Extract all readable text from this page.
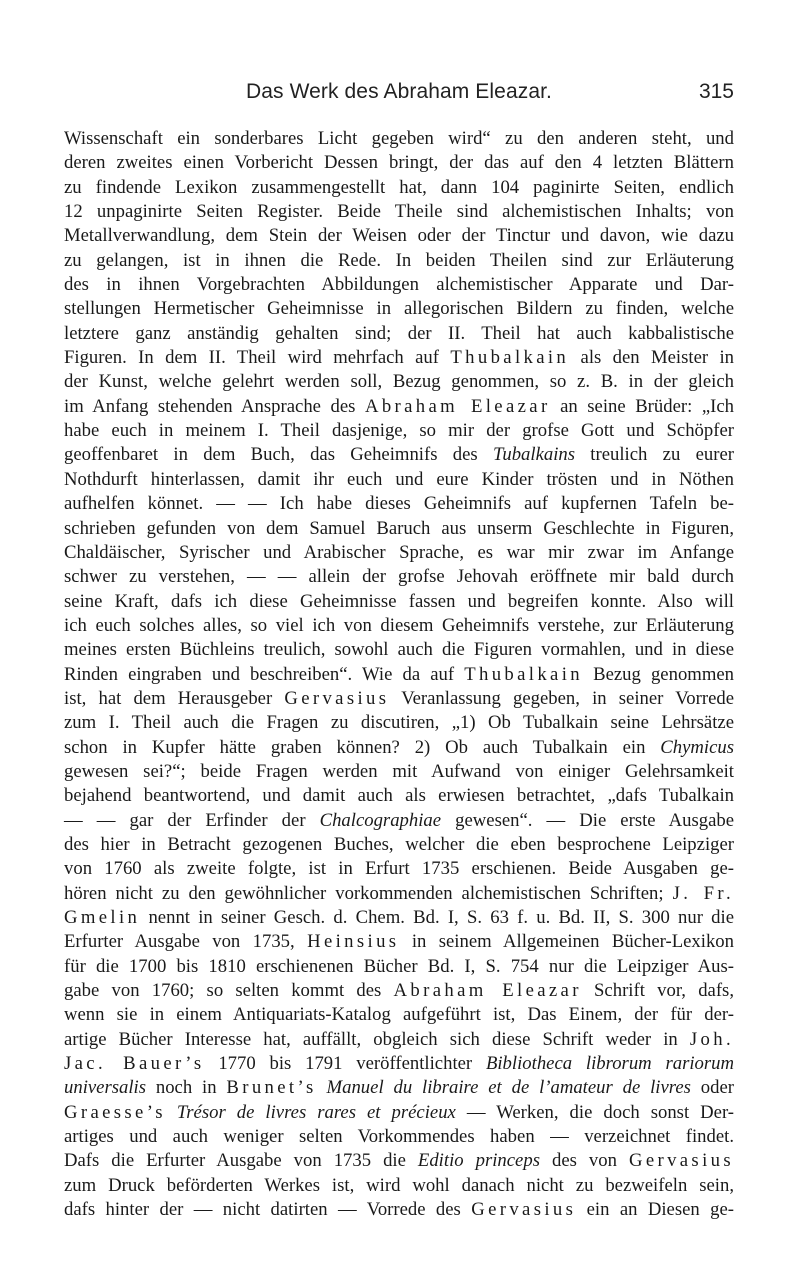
Das Werk des Abraham Eleazar.	315
Wissenschaft ein sonderbares Licht gegeben wird“ zu den anderen steht, und
deren zweites einen Vorbericht Dessen bringt, der das auf den 4 letzten Blättern
zu findende Lexikon zusammengestellt hat, dann 104 paginirte Seiten, endlich
12 unpaginirte Seiten Register. Beide Theile sind alchemistischen Inhalts; von
Metallverwandlung, dem Stein der Weisen oder der Tinctur und davon, wie dazu
zu gelangen, ist in ihnen die Rede. In beiden Theilen sind zur Erläuterung
des in ihnen Vorgebrachten Abbildungen alchemistischer Apparate und Dar-
stellungen Hermetischer Geheimnisse in allegorischen Bildern zu finden, welche
letztere ganz anständig gehalten sind; der II. Theil hat auch kabbalistische
Figuren. In dem II. Theil wird mehrfach auf Thubalkain als den Meister in
der Kunst, welche gelehrt werden soll, Bezug genommen, so z. B. in der gleich
im Anfang stehenden Ansprache des Abraham Eleazar an seine Brüder: „Ich
habe euch in meinem I. Theil dasjenige, so mir der grofse Gott und Schöpfer
geoffenbaret in dem Buch, das Geheimnifs des Tubalkains treulich zu eurer
Nothdurft hinterlassen, damit ihr euch und eure Kinder trösten und in Nöthen
aufhelfen könnet. — — Ich habe dieses Geheimnifs auf kupfernen Tafeln be-
schrieben gefunden von dem Samuel Baruch aus unserm Geschlechte in Figuren,
Chaldäischer, Syrischer und Arabischer Sprache, es war mir zwar im Anfange
schwer zu verstehen, — — allein der grofse Jehovah eröffnete mir bald durch
seine Kraft, dafs ich diese Geheimnisse fassen und begreifen konnte. Also will
ich euch solches alles, so viel ich von diesem Geheimnifs verstehe, zur Erläuterung
meines ersten Büchleins treulich, sowohl auch die Figuren vormahlen, und in diese
Rinden eingraben und beschreiben“. Wie da auf Thubalkain Bezug genommen
ist, hat dem Herausgeber Gervasius Veranlassung gegeben, in seiner Vorrede
zum I. Theil auch die Fragen zu discutiren, „1) Ob Tubalkain seine Lehrsätze
schon in Kupfer hätte graben können? 2) Ob auch Tubalkain ein Chymicus
gewesen sei?“; beide Fragen werden mit Aufwand von einiger Gelehrsamkeit
bejahend beantwortend, und damit auch als erwiesen betrachtet, „dafs Tubalkain
— — gar der Erfinder der Chalcographiae gewesen“. — Die erste Ausgabe
des hier in Betracht gezogenen Buches, welcher die eben besprochene Leipziger
von 1760 als zweite folgte, ist in Erfurt 1735 erschienen. Beide Ausgaben ge-
hören nicht zu den gewöhnlicher vorkommenden alchemistischen Schriften; J. Fr.
Gmelin nennt in seiner Gesch. d. Chem. Bd. I, S. 63 f. u. Bd. II, S. 300 nur die
Erfurter Ausgabe von 1735, Heinsius in seinem Allgemeinen Bücher-Lexikon
für die 1700 bis 1810 erschienenen Bücher Bd. I, S. 754 nur die Leipziger Aus-
gabe von 1760; so selten kommt des Abraham Eleazar Schrift vor, dafs,
wenn sie in einem Antiquariats-Katalog aufgeführt ist, Das Einem, der für der-
artige Bücher Interesse hat, auffällt, obgleich sich diese Schrift weder in Joh.
Jac. Bauer’s 1770 bis 1791 veröffentlichter Bibliotheca librorum rariorum
universalis noch in Brunet’s Manuel du libraire et de l’amateur de livres oder
Graesse’s Trésor de livres rares et précieux — Werken, die doch sonst Der-
artiges und auch weniger selten Vorkommendes haben — verzeichnet findet.
Dafs die Erfurter Ausgabe von 1735 die Editio princeps des von Gervasius
zum Druck beförderten Werkes ist, wird wohl danach nicht zu bezweifeln sein,
dafs hinter der — nicht datirten — Vorrede des Gervasius ein an Diesen ge-
